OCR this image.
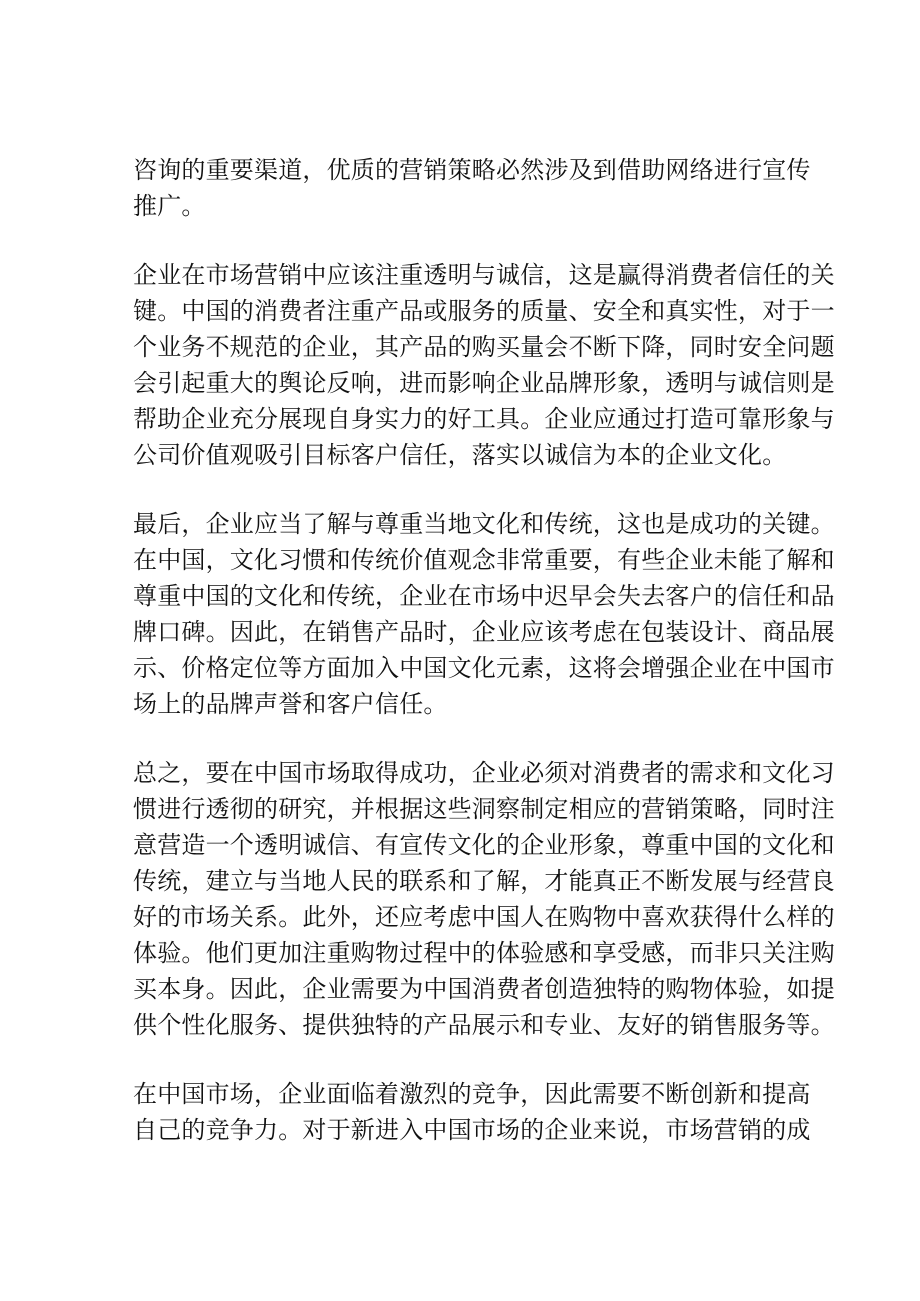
咨询的重要渠道，优质的营销策略必然涉及到借助网络进行宣传
推广。
企业在市场营销中应该注重透明与诚信，这是赢得消费者信任的关
键。中国的消费者注重产品或服务的质量、安全和真实性，对于一
个业务不规范的企业，其产品的购买量会不断下降，同时安全问题
会引起重大的舆论反响，进而影响企业品牌形象，透明与诚信则是
帮助企业充分展现自身实力的好工具。企业应通过打造可靠形象与
公司价值观吸引目标客户信任，落实以诚信为本的企业文化。
最后，企业应当了解与尊重当地文化和传统，这也是成功的关键。
在中国，文化习惯和传统价值观念非常重要，有些企业未能了解和
尊重中国的文化和传统，企业在市场中迟早会失去客户的信任和品
牌口碑。因此，在销售产品时，企业应该考虑在包装设计、商品展
示、价格定位等方面加入中国文化元素，这将会增强企业在中国市
场上的品牌声誉和客户信任。
总之，要在中国市场取得成功，企业必须对消费者的需求和文化习
惯进行透彻的研究，并根据这些洞察制定相应的营销策略，同时注
意营造一个透明诚信、有宣传文化的企业形象，尊重中国的文化和
传统，建立与当地人民的联系和了解，才能真正不断发展与经营良
好的市场关系。此外，还应考虑中国人在购物中喜欢获得什么样的
体验。他们更加注重购物过程中的体验感和享受感，而非只关注购
买本身。因此，企业需要为中国消费者创造独特的购物体验，如提
供个性化服务、提供独特的产品展示和专业、友好的销售服务等。
在中国市场，企业面临着激烈的竞争，因此需要不断创新和提高
自己的竞争力。对于新进入中国市场的企业来说，市场营销的成
